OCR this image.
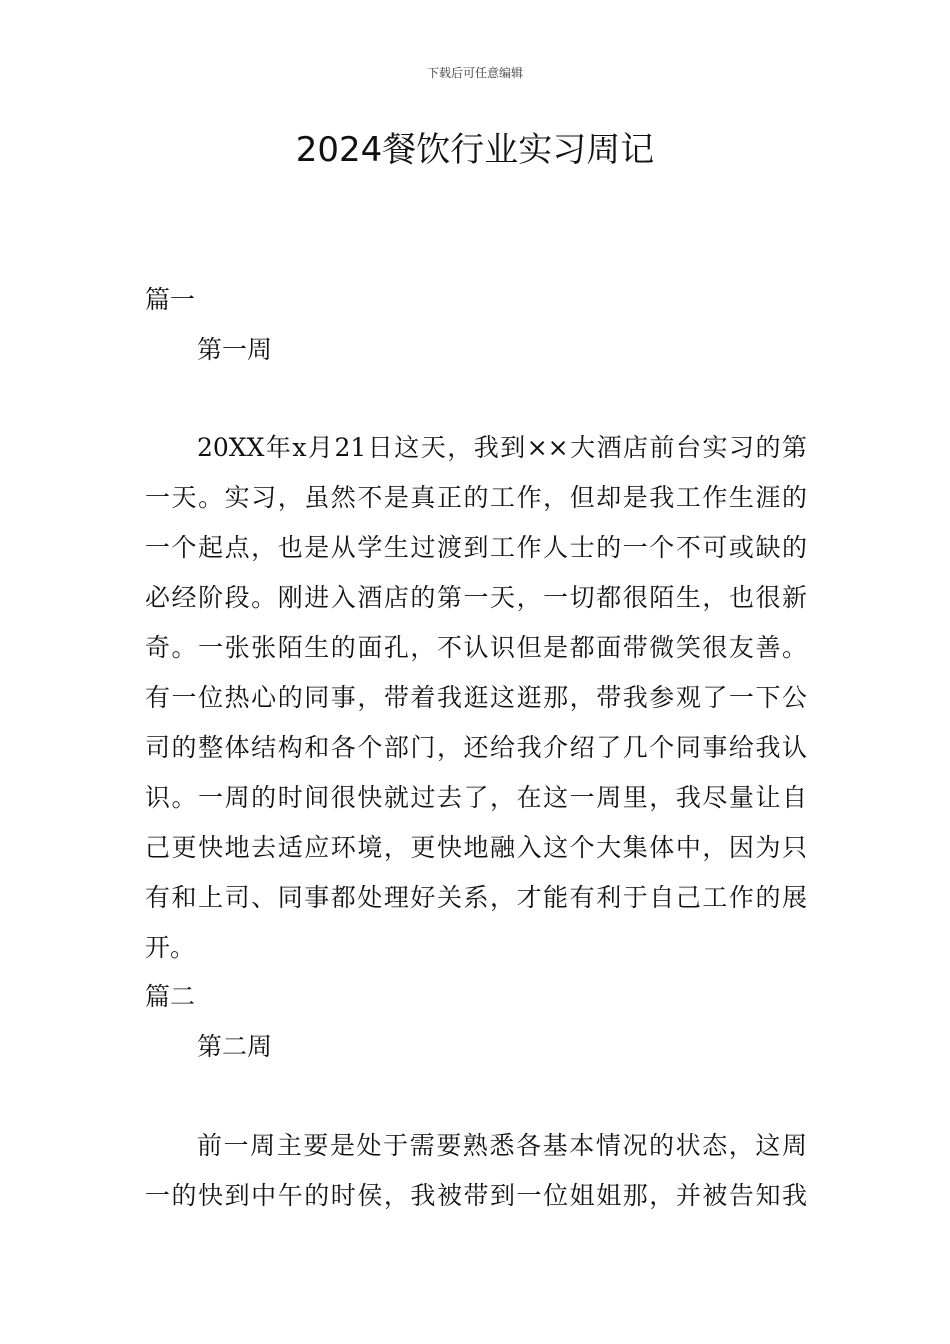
下载后可任意编辑
2024餐饮行业实习周记
篇一
第一周
20XX年x月21日这天，我到××大酒店前台实习的第
一天。实习，虽然不是真正的工作，但却是我工作生涯的
一个起点，也是从学生过渡到工作人士的一个不可或缺的
必经阶段。刚进入酒店的第一天，一切都很陌生，也很新
奇。一张张陌生的面孔，不认识但是都面带微笑很友善。
有一位热心的同事，带着我逛这逛那，带我参观了一下公
司的整体结构和各个部门，还给我介绍了几个同事给我认
识。一周的时间很快就过去了，在这一周里，我尽量让自
己更快地去适应环境，更快地融入这个大集体中，因为只
有和上司、同事都处理好关系，才能有利于自己工作的展
开。
篇二
第二周
前一周主要是处于需要熟悉各基本情况的状态，这周
一的快到中午的时侯，我被带到一位姐姐那，并被告知我
